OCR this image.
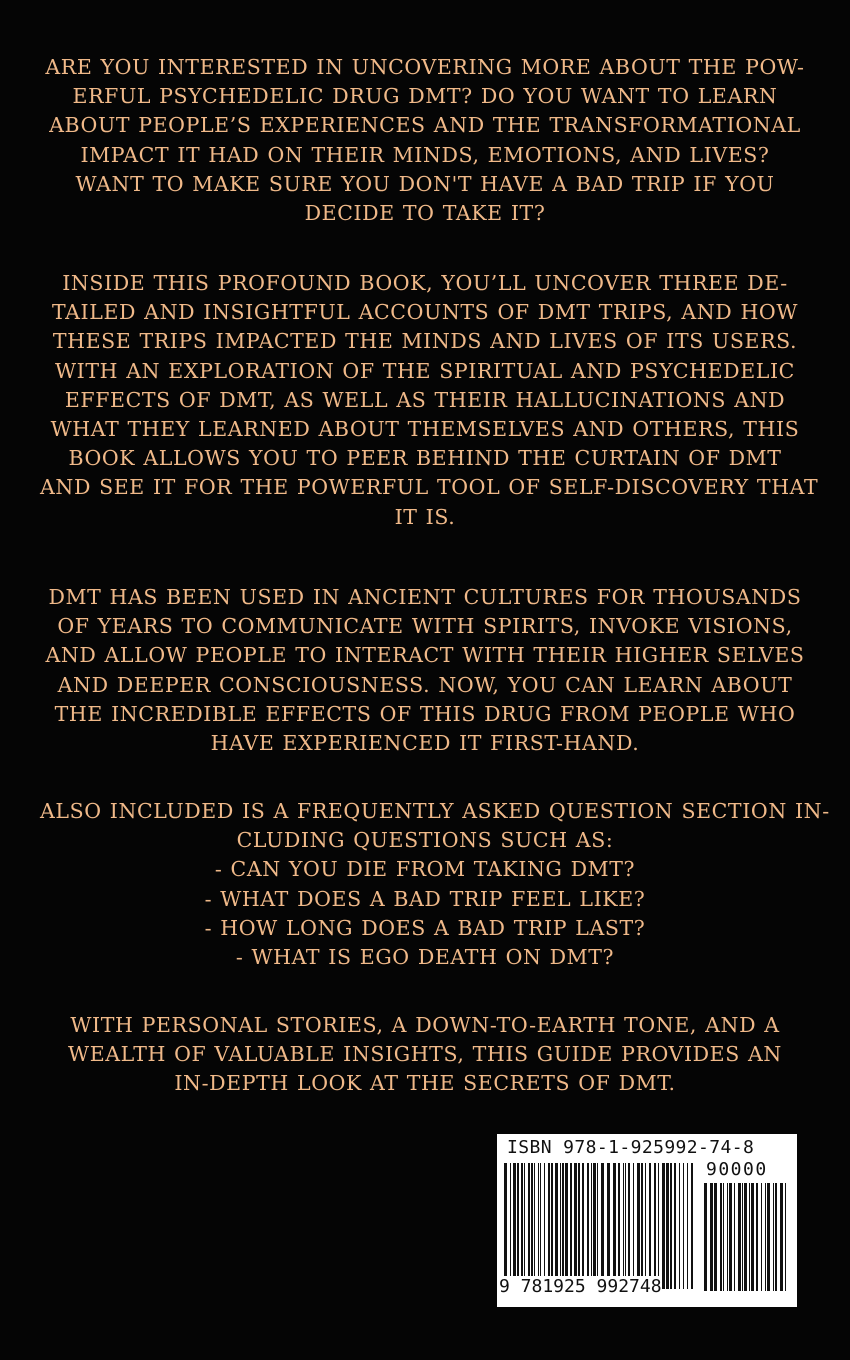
ARE YOU INTERESTED IN UNCOVERING MORE ABOUT THE POW-
ERFUL PSYCHEDELIC DRUG DMT? DO YOU WANT TO LEARN
ABOUT PEOPLE’S EXPERIENCES AND THE TRANSFORMATIONAL
IMPACT IT HAD ON THEIR MINDS, EMOTIONS, AND LIVES?
WANT TO MAKE SURE YOU DON'T HAVE A BAD TRIP IF YOU
DECIDE TO TAKE IT?
INSIDE THIS PROFOUND BOOK, YOU’LL UNCOVER THREE DE-
TAILED AND INSIGHTFUL ACCOUNTS OF DMT TRIPS, AND HOW
THESE TRIPS IMPACTED THE MINDS AND LIVES OF ITS USERS.
WITH AN EXPLORATION OF THE SPIRITUAL AND PSYCHEDELIC
EFFECTS OF DMT, AS WELL AS THEIR HALLUCINATIONS AND
WHAT THEY LEARNED ABOUT THEMSELVES AND OTHERS, THIS
BOOK ALLOWS YOU TO PEER BEHIND THE CURTAIN OF DMT
AND SEE IT FOR THE POWERFUL TOOL OF SELF-DISCOVERY THAT
IT IS.
DMT HAS BEEN USED IN ANCIENT CULTURES FOR THOUSANDS
OF YEARS TO COMMUNICATE WITH SPIRITS, INVOKE VISIONS,
AND ALLOW PEOPLE TO INTERACT WITH THEIR HIGHER SELVES
AND DEEPER CONSCIOUSNESS. NOW, YOU CAN LEARN ABOUT
THE INCREDIBLE EFFECTS OF THIS DRUG FROM PEOPLE WHO
HAVE EXPERIENCED IT FIRST-HAND.
ALSO INCLUDED IS A FREQUENTLY ASKED QUESTION SECTION IN-
CLUDING QUESTIONS SUCH AS:
- CAN YOU DIE FROM TAKING DMT?
- WHAT DOES A BAD TRIP FEEL LIKE?
- HOW LONG DOES A BAD TRIP LAST?
- WHAT IS EGO DEATH ON DMT?
WITH PERSONAL STORIES, A DOWN-TO-EARTH TONE, AND A
WEALTH OF VALUABLE INSIGHTS, THIS GUIDE PROVIDES AN
IN-DEPTH LOOK AT THE SECRETS OF DMT.
ISBN 978-1-925992-74-8
90000
9 781925 992748
